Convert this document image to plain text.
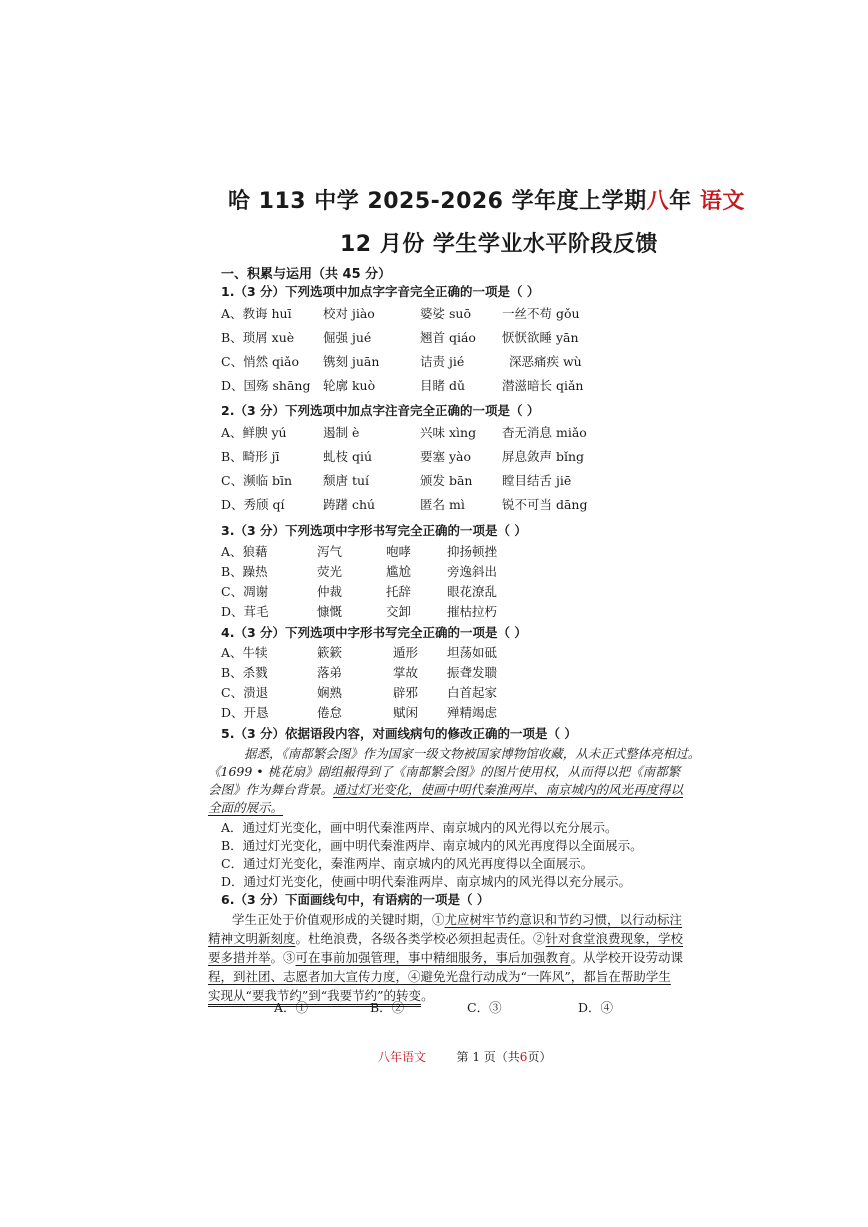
哈 113 中学 2025-2026 学年度上学期八年 语文
12 月份 学生学业水平阶段反馈
一、积累与运用（共 45 分）
1.（3 分）下列选项中加点字字音完全正确的一项是（ ）
A、教诲 huī	校对 jiào	婆娑 suō 一丝不苟 gǒu
B、琐屑 xuè 倔强 jué	翘首 qiáo 恹恹欲睡 yān
C、悄然 qiǎo 镌刻 juān	诘责 jié	深恶痛疾 wù
D、国殇 shāng 轮廓 kuò	目睹 dǔ	潜滋暗长 qiǎn
2.（3 分）下列选项中加点字注音完全正确的一项是（ ）
A、鲜腴 yú	遏制 è	兴味 xìng 杳无消息 miǎo
B、畸形 jī	虬枝 qiú	要塞 yào 屏息敛声 bǐng
C、濒临 bīn 颓唐 tuí	颁发 bān 瞠目结舌 jiē
D、秀颀 qí	踌躇 chú	匿名 mì	锐不可当 dāng
3.（3 分）下列选项中字形书写完全正确的一项是（ ）
A、狼藉	泻气	咆哮	抑扬顿挫
B、躁热	荧光	尴尬	旁逸斜出
C、凋谢	仲裁	托辞	眼花潦乱
D、茸毛	慷慨	交卸	摧枯拉朽
4.（3 分）下列选项中字形书写完全正确的一项是（ ）
A、牛犊	簌簌	遁形 坦荡如砥
B、杀戮	落弟	掌故 振聋发聩
C、溃退	娴熟	辟邪 白首起家
D、开恳	倦怠	赋闲 殚精竭虑
5.（3 分）依据语段内容，对画线病句的修改正确的一项是（ ）
据悉，《南都繁会图》作为国家一级文物被国家博物馆收藏，从未正式整体亮相过。
《1699 • 桃花扇》剧组赧得到了《南都繁会图》的图片使用权，从而得以把《南都繁
会图》作为舞台背景。通过灯光变化，使画中明代秦淮两岸、南京城内的风光再度得以
全面的展示。
A．通过灯光变化，画中明代秦淮两岸、南京城内的风光得以充分展示。
B．通过灯光变化，画中明代秦淮两岸、南京城内的风光再度得以全面展示。
C．通过灯光变化，秦淮两岸、南京城内的风光再度得以全面展示。
D．通过灯光变化，使画中明代秦淮两岸、南京城内的风光得以充分展示。
6.（3 分）下面画线句中，有语病的一项是（ ）
学生正处于价值观形成的关键时期，①尤应树牢节约意识和节约习惯，以行动标注
精神文明新刻度。杜绝浪费，各级各类学校必须担起责任。②针对食堂浪费现象，学校
要多措并举。③可在事前加强管理，事中精细服务，事后加强教育。从学校开设劳动课
程，到社团、志愿者加大宣传力度，④避免光盘行动成为“一阵风”，都旨在帮助学生
实现从“要我节约”到“我要节约”的转变。
A．①	B．②	C．③	D．④
八年语文	第 1 页（共6页）
